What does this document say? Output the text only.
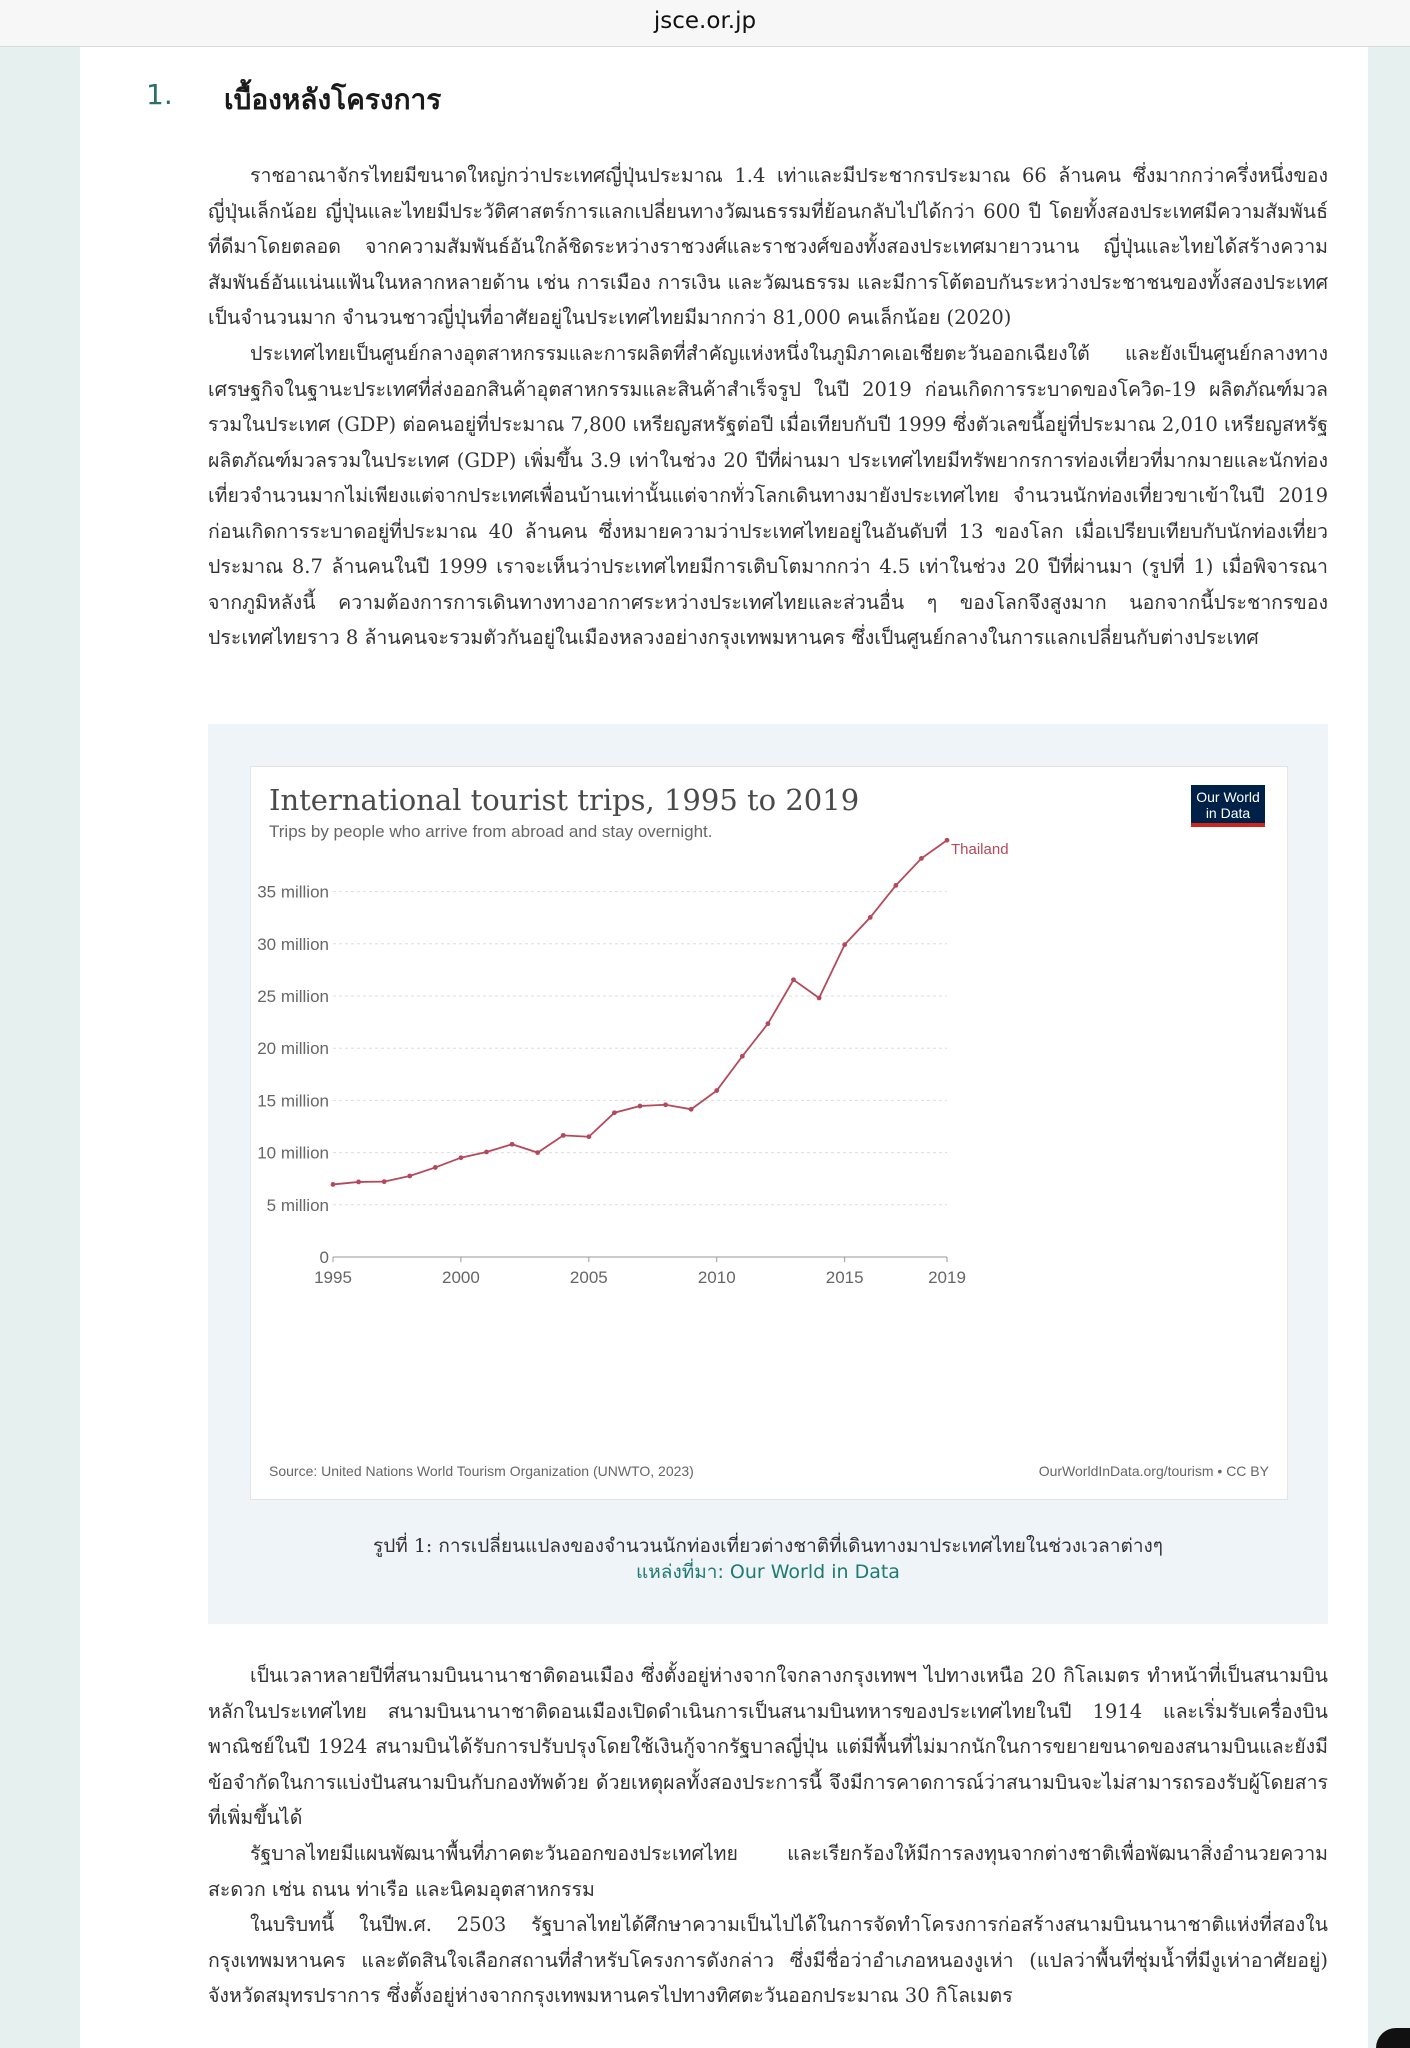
jsce.or.jp
1. เบื้องหลังโครงการ

ราชอาณาจักรไทยมีขนาดใหญ่กว่าประเทศญี่ปุ่นประมาณ 1.4 เท่าและมีประชากรประมาณ 66 ล้านคน ซึ่งมากกว่าครึ่งหนึ่งของญี่ปุ่นเล็กน้อย ญี่ปุ่นและไทยมีประวัติศาสตร์การแลกเปลี่ยนทางวัฒนธรรมที่ย้อนกลับไปได้กว่า 600 ปี โดยทั้งสองประเทศมีความสัมพันธ์ที่ดีมาโดยตลอด จากความสัมพันธ์อันใกล้ชิดระหว่างราชวงศ์และราชวงศ์ของทั้งสองประเทศมายาวนาน ญี่ปุ่นและไทยได้สร้างความสัมพันธ์อันแน่นแฟ้นในหลากหลายด้าน เช่น การเมือง การเงิน และวัฒนธรรม และมีการโต้ตอบกันระหว่างประชาชนของทั้งสองประเทศเป็นจำนวนมาก จำนวนชาวญี่ปุ่นที่อาศัยอยู่ในประเทศไทยมีมากกว่า 81,000 คนเล็กน้อย (2020)

ประเทศไทยเป็นศูนย์กลางอุตสาหกรรมและการผลิตที่สำคัญแห่งหนึ่งในภูมิภาคเอเชียตะวันออกเฉียงใต้ และยังเป็นศูนย์กลางทางเศรษฐกิจในฐานะประเทศที่ส่งออกสินค้าอุตสาหกรรมและสินค้าสำเร็จรูป ในปี 2019 ก่อนเกิดการระบาดของโควิด-19 ผลิตภัณฑ์มวลรวมในประเทศ (GDP) ต่อคนอยู่ที่ประมาณ 7,800 เหรียญสหรัฐต่อปี เมื่อเทียบกับปี 1999 ซึ่งตัวเลขนี้อยู่ที่ประมาณ 2,010 เหรียญสหรัฐ ผลิตภัณฑ์มวลรวมในประเทศ (GDP) เพิ่มขึ้น 3.9 เท่าในช่วง 20 ปีที่ผ่านมา ประเทศไทยมีทรัพยากรการท่องเที่ยวที่มากมายและนักท่องเที่ยวจำนวนมากไม่เพียงแต่จากประเทศเพื่อนบ้านเท่านั้นแต่จากทั่วโลกเดินทางมายังประเทศไทย จำนวนนักท่องเที่ยวขาเข้าในปี 2019 ก่อนเกิดการระบาดอยู่ที่ประมาณ 40 ล้านคน ซึ่งหมายความว่าประเทศไทยอยู่ในอันดับที่ 13 ของโลก เมื่อเปรียบเทียบกับนักท่องเที่ยวประมาณ 8.7 ล้านคนในปี 1999 เราจะเห็นว่าประเทศไทยมีการเติบโตมากกว่า 4.5 เท่าในช่วง 20 ปีที่ผ่านมา (รูปที่ 1) เมื่อพิจารณาจากภูมิหลังนี้ ความต้องการการเดินทางทางอากาศระหว่างประเทศไทยและส่วนอื่น ๆ ของโลกจึงสูงมาก นอกจากนี้ประชากรของประเทศไทยราว 8 ล้านคนจะรวมตัวกันอยู่ในเมืองหลวงอย่างกรุงเทพมหานคร ซึ่งเป็นศูนย์กลางในการแลกเปลี่ยนกับต่างประเทศ

International tourist trips, 1995 to 2019
Trips by people who arrive from abroad and stay overnight.
Our World
in Data
0
5 million
10 million
15 million
20 million
25 million
30 million
35 million
1995	2000	2005	2010	2015	2019
Thailand
Source: United Nations World Tourism Organization (UNWTO, 2023)	OurWorldInData.org/tourism • CC BY
รูปที่ 1: การเปลี่ยนแปลงของจำนวนนักท่องเที่ยวต่างชาติที่เดินทางมาประเทศไทยในช่วงเวลาต่างๆ
แหล่งที่มา: Our World in Data

เป็นเวลาหลายปีที่สนามบินนานาชาติดอนเมือง ซึ่งตั้งอยู่ห่างจากใจกลางกรุงเทพฯ ไปทางเหนือ 20 กิโลเมตร ทำหน้าที่เป็นสนามบินหลักในประเทศไทย สนามบินนานาชาติดอนเมืองเปิดดำเนินการเป็นสนามบินทหารของประเทศไทยในปี 1914 และเริ่มรับเครื่องบินพาณิชย์ในปี 1924 สนามบินได้รับการปรับปรุงโดยใช้เงินกู้จากรัฐบาลญี่ปุ่น แต่มีพื้นที่ไม่มากนักในการขยายขนาดของสนามบินและยังมีข้อจำกัดในการแบ่งปันสนามบินกับกองทัพด้วย ด้วยเหตุผลทั้งสองประการนี้ จึงมีการคาดการณ์ว่าสนามบินจะไม่สามารถรองรับผู้โดยสารที่เพิ่มขึ้นได้

รัฐบาลไทยมีแผนพัฒนาพื้นที่ภาคตะวันออกของประเทศไทย และเรียกร้องให้มีการลงทุนจากต่างชาติเพื่อพัฒนาสิ่งอำนวยความสะดวก เช่น ถนน ท่าเรือ และนิคมอุตสาหกรรม

ในบริบทนี้ ในปีพ.ศ. 2503 รัฐบาลไทยได้ศึกษาความเป็นไปได้ในการจัดทำโครงการก่อสร้างสนามบินนานาชาติแห่งที่สองในกรุงเทพมหานคร และตัดสินใจเลือกสถานที่สำหรับโครงการดังกล่าว ซึ่งมีชื่อว่าอำเภอหนองงูเห่า (แปลว่าพื้นที่ชุ่มน้ำที่มีงูเห่าอาศัยอยู่) จังหวัดสมุทรปราการ ซึ่งตั้งอยู่ห่างจากกรุงเทพมหานครไปทางทิศตะวันออกประมาณ 30 กิโลเมตร
